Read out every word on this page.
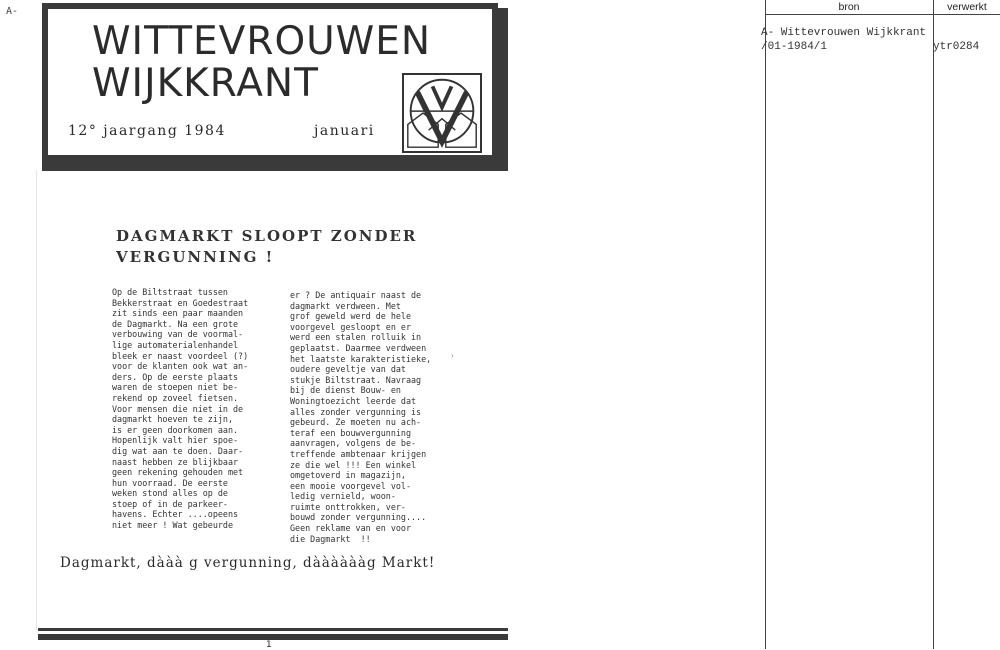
A-
WITTEVROUWEN
WIJKKRANT
12° jaargang 1984	januari
DAGMARKT SLOOPT ZONDER
VERGUNNING !
Op de Biltstraat tussen
Bekkerstraat en Goedestraat
zit sinds een paar maanden
de Dagmarkt. Na een grote
verbouwing van de voormal-
lige automaterialenhandel
bleek er naast voordeel (?)
voor de klanten ook wat an-
ders. Op de eerste plaats
waren de stoepen niet be-
rekend op zoveel fietsen.
Voor mensen die niet in de
dagmarkt hoeven te zijn,
is er geen doorkomen aan.
Hopenlijk valt hier spoe-
dig wat aan te doen. Daar-
naast hebben ze blijkbaar
geen rekening gehouden met
hun voorraad. De eerste
weken stond alles op de
stoep of in de parkeer-
havens. Echter ....opeens
niet meer ! Wat gebeurde
er ? De antiquair naast de
dagmarkt verdween. Met
grof geweld werd de hele
voorgevel gesloopt en er
werd een stalen rolluik in
geplaatst. Daarmee verdween
het laatste karakteristieke,
oudere geveltje van dat
stukje Biltstraat. Navraag
bij de dienst Bouw- en
Woningtoezicht leerde dat
alles zonder vergunning is
gebeurd. Ze moeten nu ach-
teraf een bouwvergunning
aanvragen, volgens de be-
treffende ambtenaar krijgen
ze die wel !!! Een winkel
omgetoverd in magazijn,
een mooie voorgevel vol-
ledig vernield, woon-
ruimte onttrokken, ver-
bouwd zonder vergunning....
Geen reklame van en voor
die Dagmarkt  !!
›
Dagmarkt, dààà g vergunning, dààààààg Markt!
1
bron	verwerkt
A- Wittevrouwen Wijkkrant
/01-1984/1	ytr0284
